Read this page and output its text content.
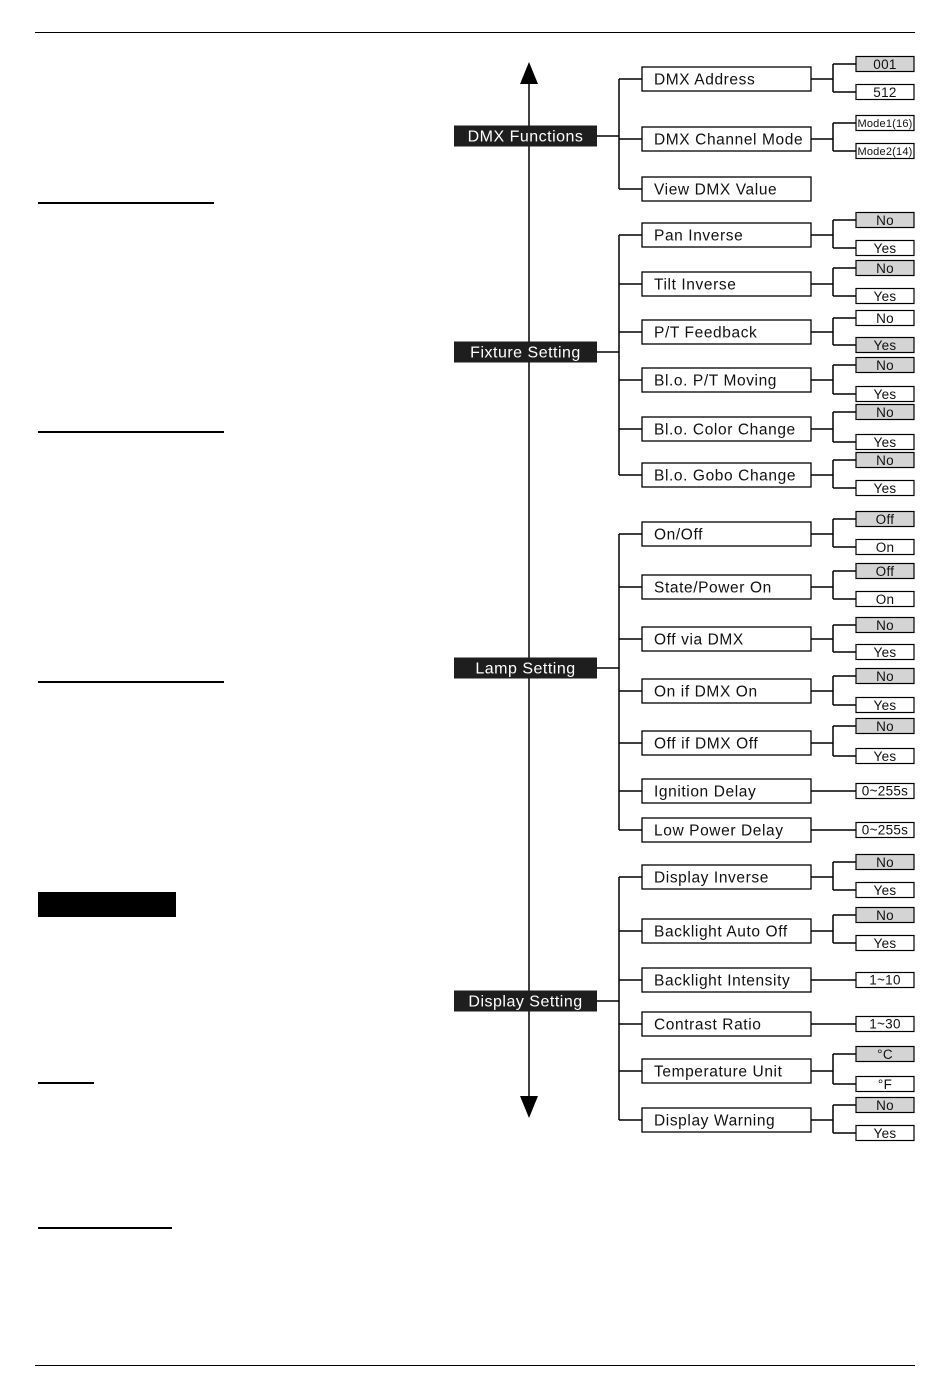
DMX Functions
DMX Address
001
512
DMX Channel Mode
Mode1(16)
Mode2(14)
View DMX Value
Fixture Setting
Pan Inverse
No
Yes
Tilt Inverse
No
Yes
P/T Feedback
No
Yes
Bl.o. P/T Moving
No
Yes
Bl.o. Color Change
No
Yes
Bl.o. Gobo Change
No
Yes
Lamp Setting
On/Off
Off
On
State/Power On
Off
On
Off via DMX
No
Yes
On if DMX On
No
Yes
Off if DMX Off
No
Yes
Ignition Delay	0~255s
Low Power Delay	0~255s
Display Setting
Display Inverse
No
Yes
Backlight Auto Off
No
Yes
Backlight Intensity	1~10
Contrast Ratio	1~30
Temperature Unit
°C
°F
Display Warning
No
Yes
